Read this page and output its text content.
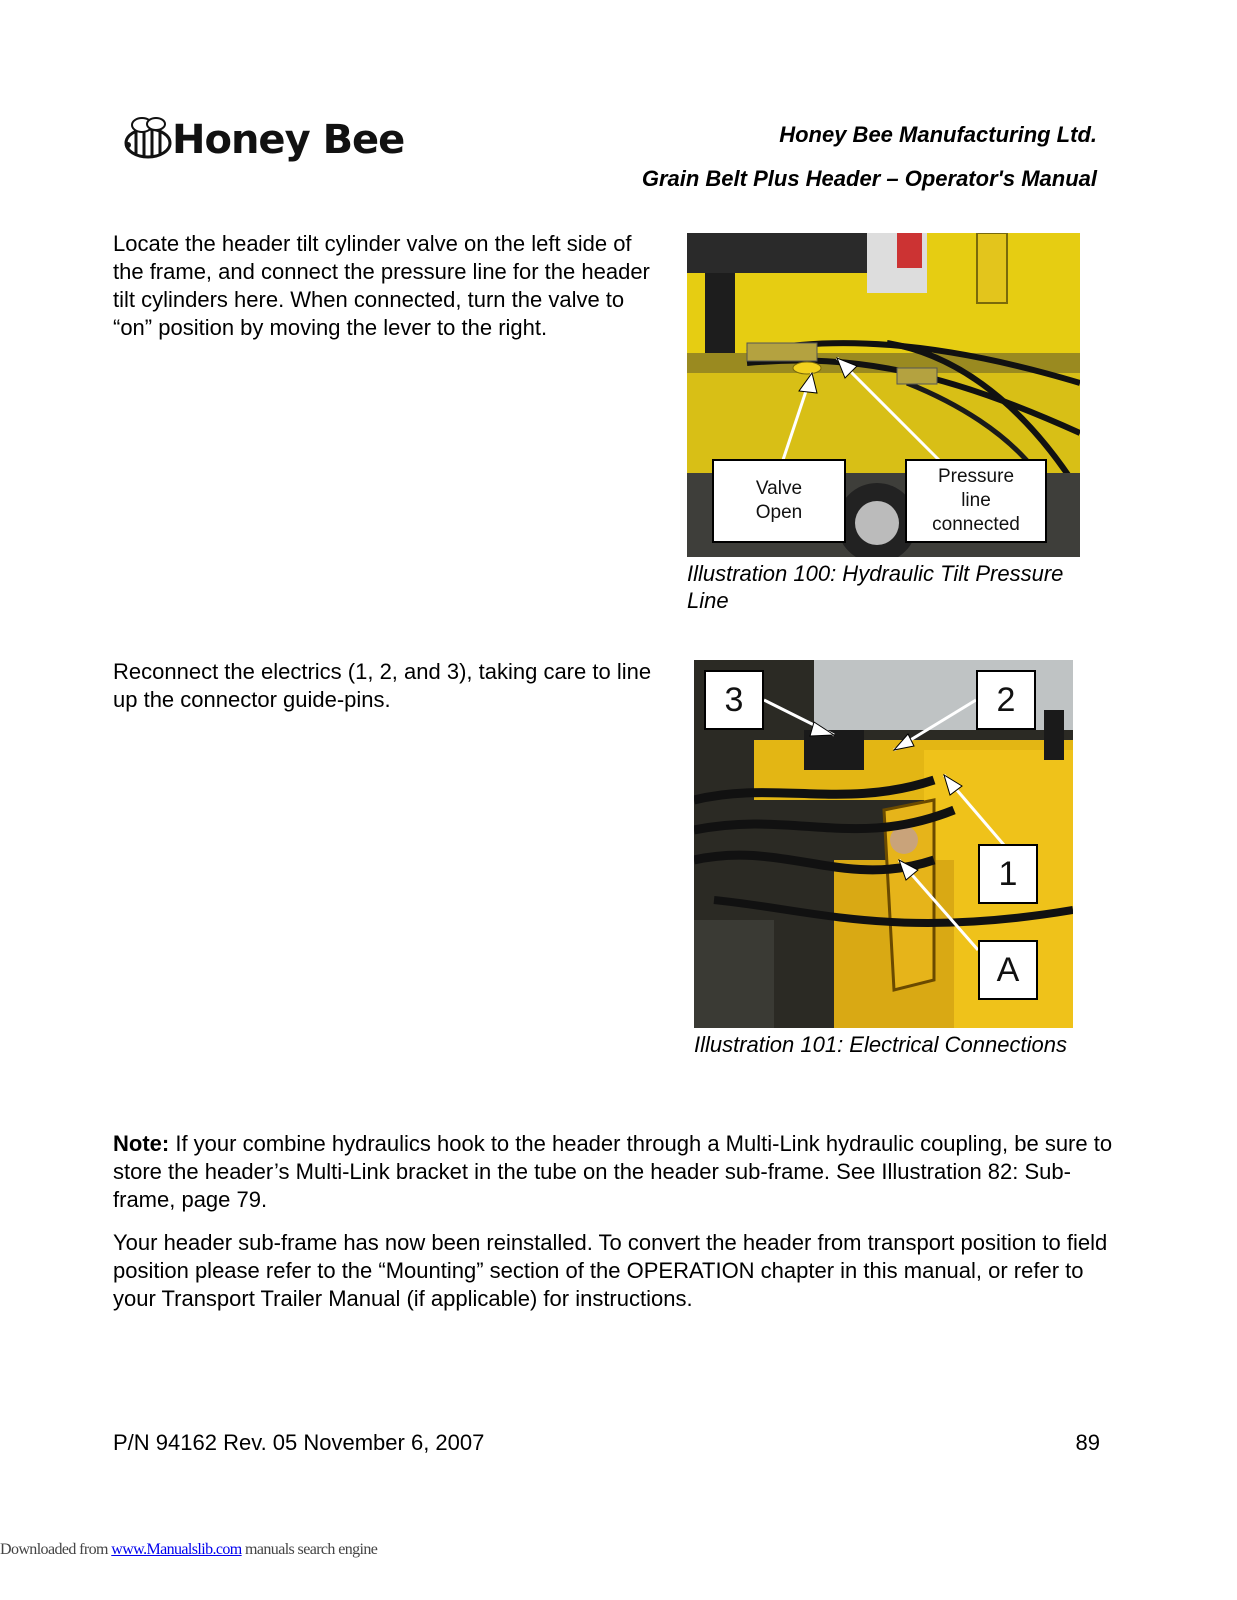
Honey Bee	Honey Bee Manufacturing Ltd.
Grain Belt Plus Header – Operator's Manual
Locate the header tilt cylinder valve on the left side of the frame, and connect the pressure line for the header tilt cylinders here. When connected, turn the valve to “on” position by moving the lever to the right.
Valve
Open
Pressure
line
connected
Illustration 100: Hydraulic Tilt Pressure Line
Reconnect the electrics (1, 2, and 3), taking care to line up the connector guide-pins.	3	2
1
A
Illustration 101: Electrical Connections
Note: If your combine hydraulics hook to the header through a Multi-Link hydraulic coupling, be sure to store the header’s Multi-Link bracket in the tube on the header sub-frame. See Illustration 82: Sub-frame, page 79.
Your header sub-frame has now been reinstalled. To convert the header from transport position to field position please refer to the “Mounting” section of the OPERATION chapter in this manual, or refer to your Transport Trailer Manual (if applicable) for instructions.
P/N 94162 Rev. 05 November 6, 2007	89
Downloaded from www.Manualslib.com manuals search engine
